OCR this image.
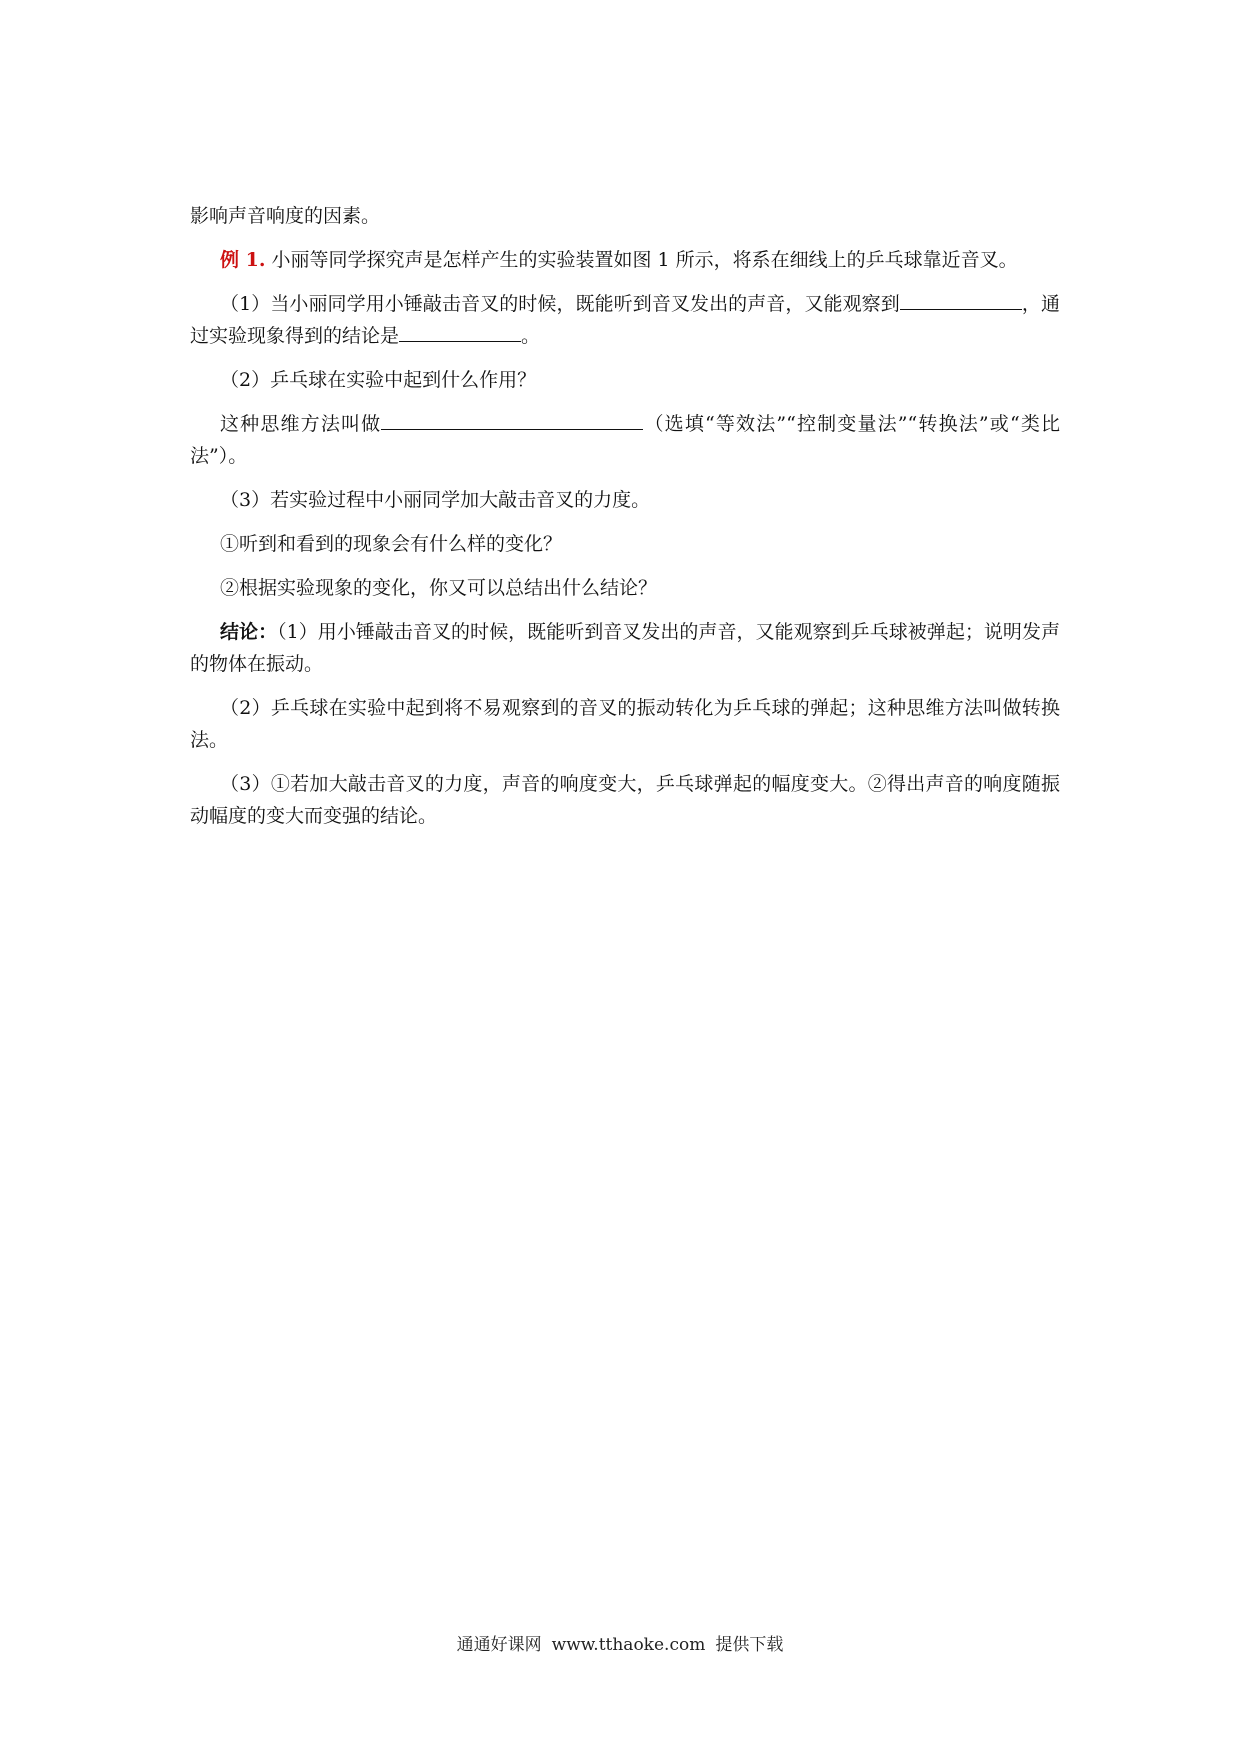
影响声音响度的因素。

例 1. 小丽等同学探究声是怎样产生的实验装置如图 1 所示，将系在细线上的乒乓球靠近音叉。

（1）当小丽同学用小锤敲击音叉的时候，既能听到音叉发出的声音，又能观察到	，通过实验现象得到的结论是	。

（2）乒乓球在实验中起到什么作用？

这种思维方法叫做	（选填“等效法”“控制变量法”“转换法”或“类比法”）。

（3）若实验过程中小丽同学加大敲击音叉的力度。

①听到和看到的现象会有什么样的变化？

②根据实验现象的变化，你又可以总结出什么结论？

结论：（1）用小锤敲击音叉的时候，既能听到音叉发出的声音，又能观察到乒乓球被弹起；说明发声的物体在振动。

（2）乒乓球在实验中起到将不易观察到的音叉的振动转化为乒乓球的弹起；这种思维方法叫做转换法。

（3）①若加大敲击音叉的力度，声音的响度变大，乒乓球弹起的幅度变大。②得出声音的响度随振动幅度的变大而变强的结论。

通通好课网 www.tthaoke.com 提供下载
